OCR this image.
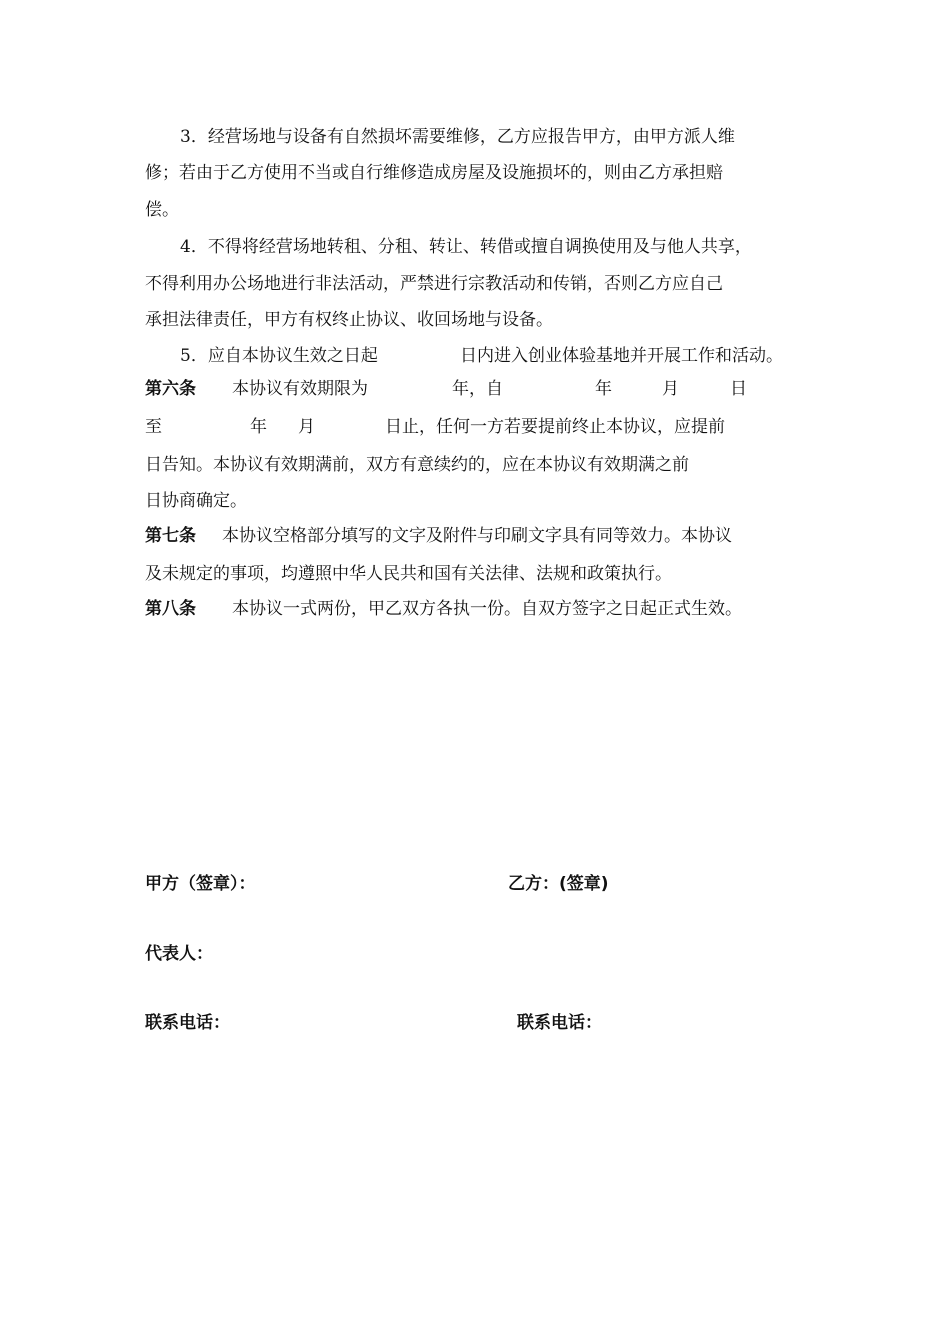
3．经营场地与设备有自然损坏需要维修，乙方应报告甲方，由甲方派人维
修；若由于乙方使用不当或自行维修造成房屋及设施损坏的，则由乙方承担赔
偿。
4．不得将经营场地转租、分租、转让、转借或擅自调换使用及与他人共享，
不得利用办公场地进行非法活动，严禁进行宗教活动和传销，否则乙方应自己
承担法律责任，甲方有权终止协议、收回场地与设备。
5．应自本协议生效之日起	日内进入创业体验基地并开展工作和活动。
第六条 本协议有效期限为	年，自	年	月	日
至	年 月	日止，任何一方若要提前终止本协议，应提前
日告知。本协议有效期满前，双方有意续约的，应在本协议有效期满之前
日协商确定。
第七条 本协议空格部分填写的文字及附件与印刷文字具有同等效力。本协议
及未规定的事项，均遵照中华人民共和国有关法律、法规和政策执行。
第八条 本协议一式两份，甲乙双方各执一份。自双方签字之日起正式生效。
甲方（签章）：	乙方：(签章)
代表人：
联系电话：	联系电话：
